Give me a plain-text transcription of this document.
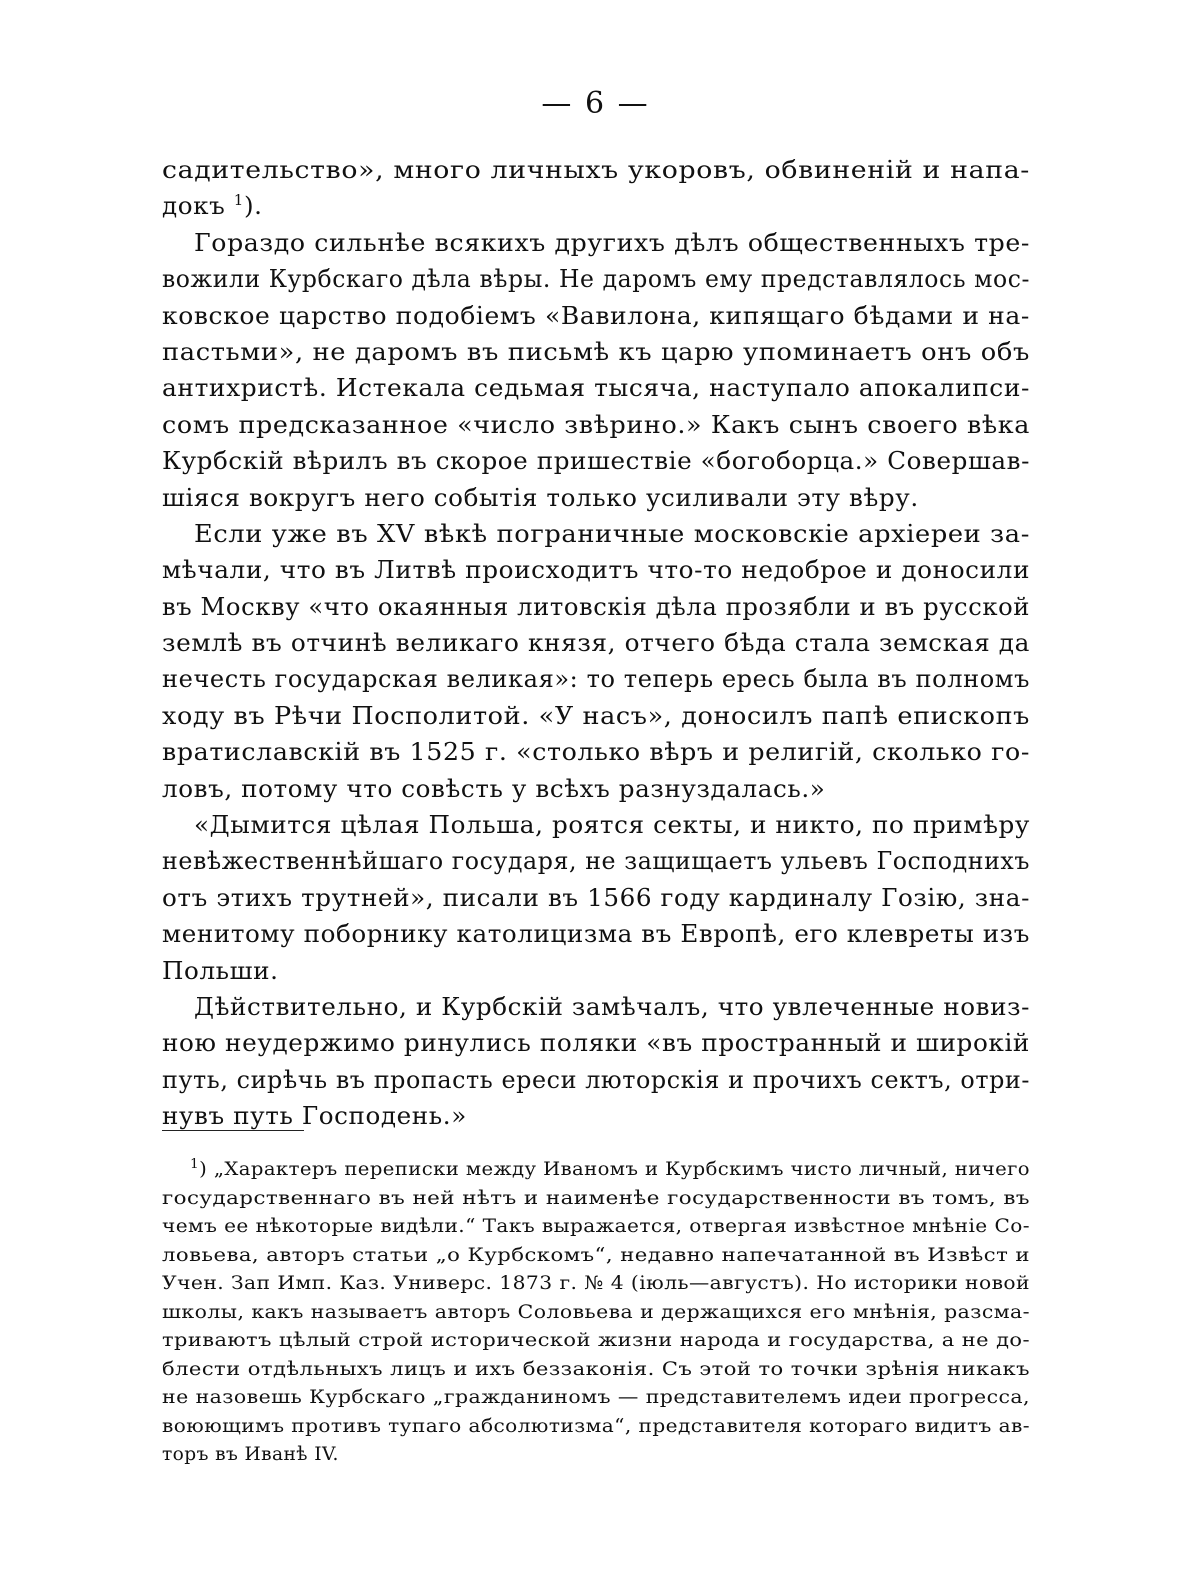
— 6 —
садительство», много личныхъ укоровъ, обвиненій и напа-
докъ $^1$).
Гораздо сильнѣе всякихъ другихъ дѣлъ общественныхъ тре-
вожили Курбскаго дѣла вѣры. Не даромъ ему представлялось мос-
ковское царство подобіемъ «Вавилона, кипящаго бѣдами и на-
пастьми», не даромъ въ письмѣ къ царю упоминаетъ онъ объ
антихристѣ. Истекала седьмая тысяча, наступало апокалипси-
сомъ предсказанное «число звѣрино.» Какъ сынъ своего вѣка
Курбскій вѣрилъ въ скорое пришествіе «богоборца.» Совершав-
шіяся вокругъ него событія только усиливали эту вѣру.
Если уже въ XV вѣкѣ пограничные московскіе архіереи за-
мѣчали, что въ Литвѣ происходитъ что-то недоброе и доносили
въ Москву «что окаянныя литовскія дѣла прозябли и въ русской
землѣ въ отчинѣ великаго князя, отчего бѣда стала земская да
нечесть государская великая»: то теперь ересь была въ полномъ
ходу въ Рѣчи Посполитой. «У насъ», доносилъ папѣ епископъ
вратиславскій въ 1525 г. «столько вѣръ и религій, сколько го-
ловъ, потому что совѣсть у всѣхъ разнуздалась.»
«Дымится цѣлая Польша, роятся секты, и никто, по примѣру
невѣжественнѣйшаго государя, не защищаетъ ульевъ Господнихъ
отъ этихъ трутней», писали въ 1566 году кардиналу Гозію, зна-
менитому поборнику католицизма въ Европѣ, его клевреты изъ
Польши.
Дѣйствительно, и Курбскій замѣчалъ, что увлеченные новиз-
ною неудержимо ринулись поляки «въ пространный и широкій
путь, сирѣчь въ пропасть ереси люторскія и прочихъ сектъ, отри-
нувъ путь Господень.»
$^1$) „Характеръ переписки между Иваномъ и Курбскимъ чисто личный, ничего
государственнаго въ ней нѣтъ и наименѣе государственности въ томъ, въ
чемъ ее нѣкоторые видѣли.“ Такъ выражается, отвергая извѣстное мнѣніе Со-
ловьева, авторъ статьи „о Курбскомъ“, недавно напечатанной въ Извѣст и
Учен. Зап Имп. Каз. Универс. 1873 г. № 4 (іюль—августъ). Но историки новой
школы, какъ называетъ авторъ Соловьева и держащихся его мнѣнія, разсма-
триваютъ цѣлый строй исторической жизни народа и государства, а не до-
блести отдѣльныхъ лицъ и ихъ беззаконія. Съ этой то точки зрѣнія никакъ
не назовешь Курбскаго „гражданиномъ — представителемъ идеи прогресса,
воюющимъ противъ тупаго абсолютизма“, представителя котораго видитъ ав-
торъ въ Иванѣ IV.
